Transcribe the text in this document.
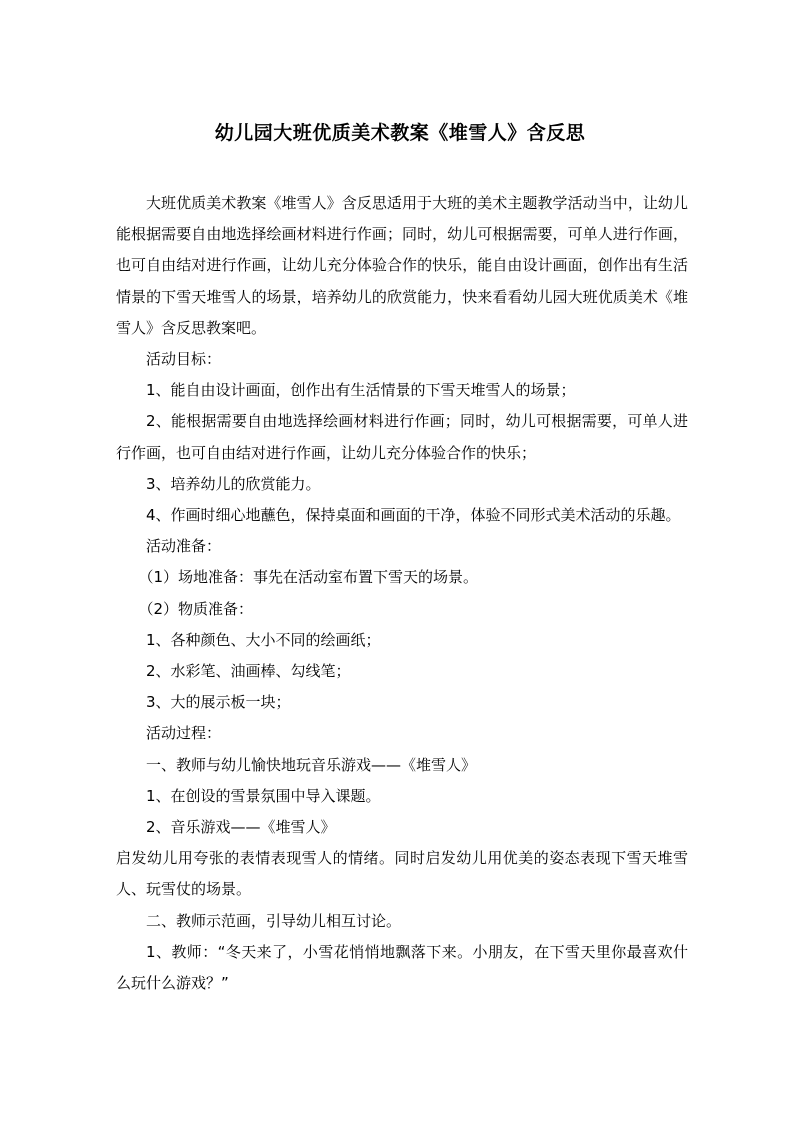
幼儿园大班优质美术教案《堆雪人》含反思

大班优质美术教案《堆雪人》含反思适用于大班的美术主题教学活动当中，让幼儿能根据需要自由地选择绘画材料进行作画；同时，幼儿可根据需要，可单人进行作画，也可自由结对进行作画，让幼儿充分体验合作的快乐，能自由设计画面，创作出有生活情景的下雪天堆雪人的场景，培养幼儿的欣赏能力，快来看看幼儿园大班优质美术《堆雪人》含反思教案吧。

活动目标：

1、能自由设计画面，创作出有生活情景的下雪天堆雪人的场景；

2、能根据需要自由地选择绘画材料进行作画；同时，幼儿可根据需要，可单人进行作画，也可自由结对进行作画，让幼儿充分体验合作的快乐；

3、培养幼儿的欣赏能力。

4、作画时细心地蘸色，保持桌面和画面的干净，体验不同形式美术活动的乐趣。

活动准备：

（1）场地准备：事先在活动室布置下雪天的场景。

（2）物质准备：

1、各种颜色、大小不同的绘画纸；

2、水彩笔、油画棒、勾线笔；

3、大的展示板一块；

活动过程：

一、教师与幼儿愉快地玩音乐游戏——《堆雪人》

1、在创设的雪景氛围中导入课题。

2、音乐游戏——《堆雪人》

启发幼儿用夸张的表情表现雪人的情绪。同时启发幼儿用优美的姿态表现下雪天堆雪人、玩雪仗的场景。

二、教师示范画，引导幼儿相互讨论。

1、教师：“冬天来了，小雪花悄悄地飘落下来。小朋友，在下雪天里你最喜欢什么玩什么游戏？”
